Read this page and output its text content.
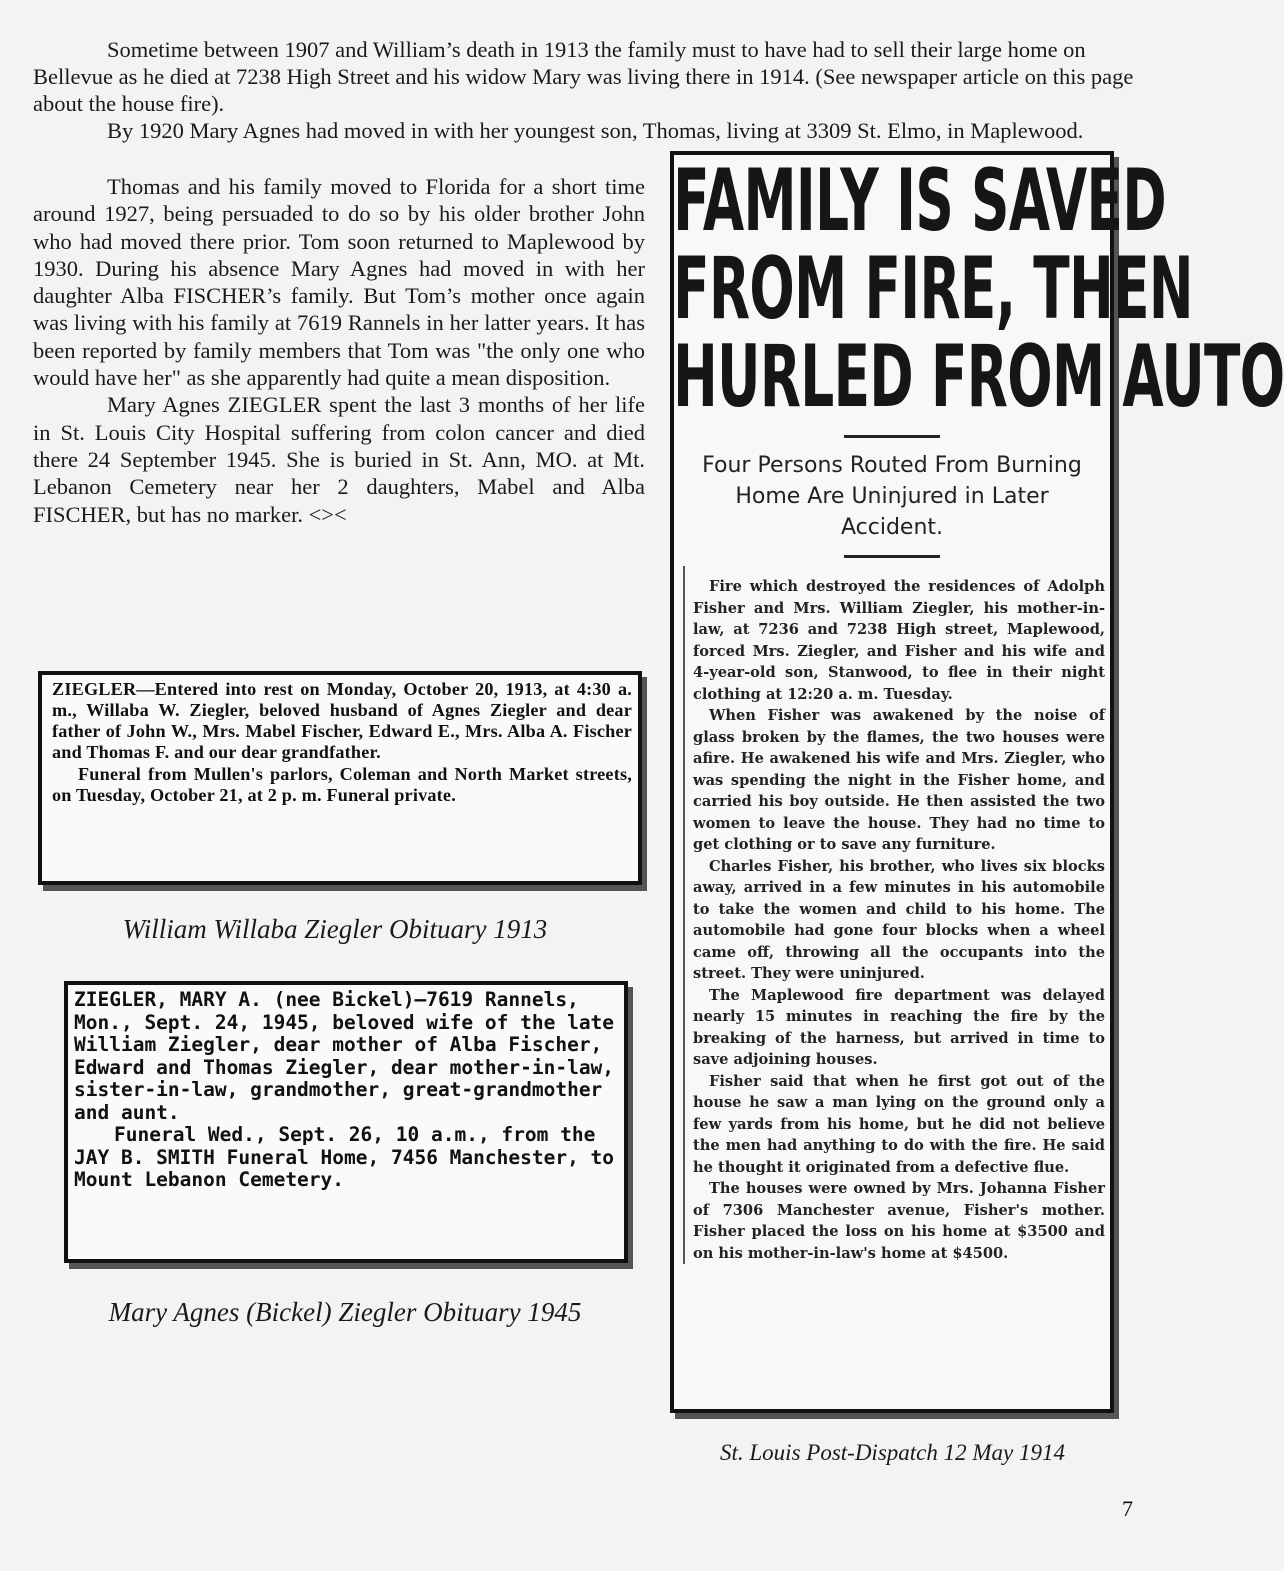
Sometime between 1907 and William’s death in 1913 the family must to have had to sell their large home on Bellevue as he died at 7238 High Street and his widow Mary was living there in 1914. (See newspaper article on this page about the house fire).

By 1920 Mary Agnes had moved in with her youngest son, Thomas, living at 3309 St. Elmo, in Maplewood.

Thomas and his family moved to Florida for a short time around 1927, being persuaded to do so by his older brother John who had moved there prior. Tom soon returned to Maplewood by 1930. During his absence Mary Agnes had moved in with her daughter Alba FISCHER’s family. But Tom’s mother once again was living with his family at 7619 Rannels in her latter years. It has been reported by family members that Tom was "the only one who would have her" as she apparently had quite a mean disposition.

Mary Agnes ZIEGLER spent the last 3 months of her life in St. Louis City Hospital suffering from colon cancer and died there 24 September 1945. She is buried in St. Ann, MO. at Mt. Lebanon Cemetery near her 2 daughters, Mabel and Alba FISCHER, but has no marker. <><

ZIEGLER—Entered into rest on Monday, October 20, 1913, at 4:30 a. m., Willaba W. Ziegler, beloved husband of Agnes Ziegler and dear father of John W., Mrs. Mabel Fischer, Edward E., Mrs. Alba A. Fischer and Thomas F. and our dear grandfather.

Funeral from Mullen's parlors, Coleman and North Market streets, on Tuesday, October 21, at 2 p. m. Funeral private.

William Willaba Ziegler Obituary 1913

ZIEGLER, MARY A. (nee Bickel)—7619 Rannels, Mon., Sept. 24, 1945, beloved wife of the late William Ziegler, dear mother of Alba Fischer, Edward and Thomas Ziegler, dear mother-in-law, sister-in-law, grandmother, great-grandmother and aunt.

Funeral Wed., Sept. 26, 10 a.m., from the JAY B. SMITH Funeral Home, 7456 Manchester, to Mount Lebanon Cemetery.

Mary Agnes (Bickel) Ziegler Obituary 1945
FAMILY IS SAVED
FROM FIRE, THEN
HURLED FROM AUTO
Four Persons Routed From Burning Home Are Uninjured in Later Accident.

Fire which destroyed the residences of Adolph Fisher and Mrs. William Ziegler, his mother-in-law, at 7236 and 7238 High street, Maplewood, forced Mrs. Ziegler, and Fisher and his wife and 4-year-old son, Stanwood, to flee in their night clothing at 12:20 a. m. Tuesday.

When Fisher was awakened by the noise of glass broken by the flames, the two houses were afire. He awakened his wife and Mrs. Ziegler, who was spending the night in the Fisher home, and carried his boy outside. He then assisted the two women to leave the house. They had no time to get clothing or to save any furniture.

Charles Fisher, his brother, who lives six blocks away, arrived in a few minutes in his automobile to take the women and child to his home. The automobile had gone four blocks when a wheel came off, throwing all the occupants into the street. They were uninjured.

The Maplewood fire department was delayed nearly 15 minutes in reaching the fire by the breaking of the harness, but arrived in time to save adjoining houses.

Fisher said that when he first got out of the house he saw a man lying on the ground only a few yards from his home, but he did not believe the men had anything to do with the fire. He said he thought it originated from a defective flue.

The houses were owned by Mrs. Johanna Fisher of 7306 Manchester avenue, Fisher's mother. Fisher placed the loss on his home at $3500 and on his mother-in-law's home at $4500.

St. Louis Post-Dispatch 12 May 1914
7
